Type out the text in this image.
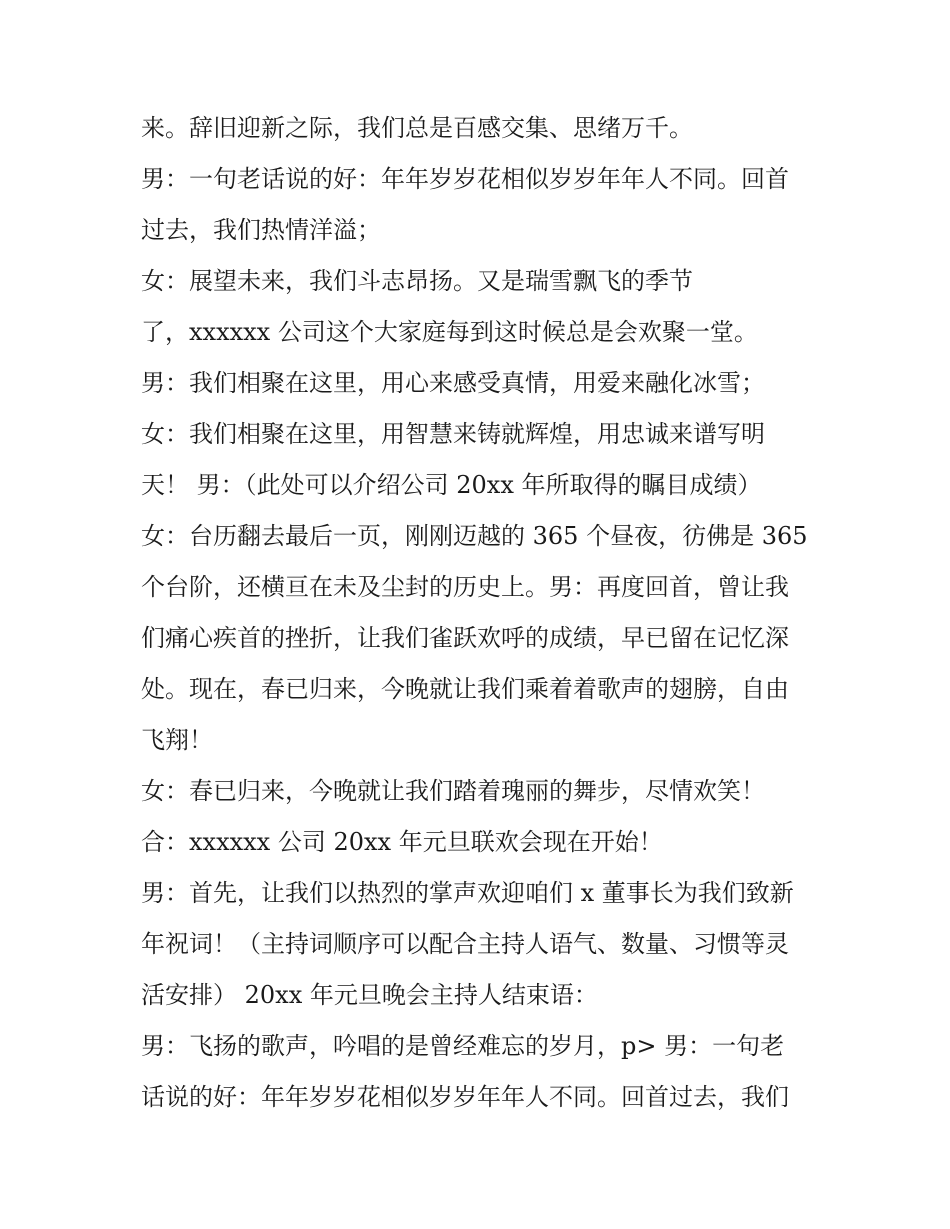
来。辞旧迎新之际，我们总是百感交集、思绪万千。
男：一句老话说的好：年年岁岁花相似岁岁年年人不同。回首
过去，我们热情洋溢；
女：展望未来，我们斗志昂扬。又是瑞雪飘飞的季节
了，xxxxxx 公司这个大家庭每到这时候总是会欢聚一堂。
男：我们相聚在这里，用心来感受真情，用爱来融化冰雪；
女：我们相聚在这里，用智慧来铸就辉煌，用忠诚来谱写明
天！ 男：（此处可以介绍公司 20xx 年所取得的瞩目成绩）
女：台历翻去最后一页，刚刚迈越的 365 个昼夜，彷佛是 365
个台阶，还横亘在未及尘封的历史上。男：再度回首，曾让我
们痛心疾首的挫折，让我们雀跃欢呼的成绩，早已留在记忆深
处。现在，春已归来，今晚就让我们乘着着歌声的翅膀，自由
飞翔！
女：春已归来，今晚就让我们踏着瑰丽的舞步，尽情欢笑！
合：xxxxxx 公司 20xx 年元旦联欢会现在开始！
男：首先，让我们以热烈的掌声欢迎咱们 x 董事长为我们致新
年祝词！（主持词顺序可以配合主持人语气、数量、习惯等灵
活安排） 20xx 年元旦晚会主持人结束语：
男：飞扬的歌声，吟唱的是曾经难忘的岁月，p> 男：一句老
话说的好：年年岁岁花相似岁岁年年人不同。回首过去，我们
